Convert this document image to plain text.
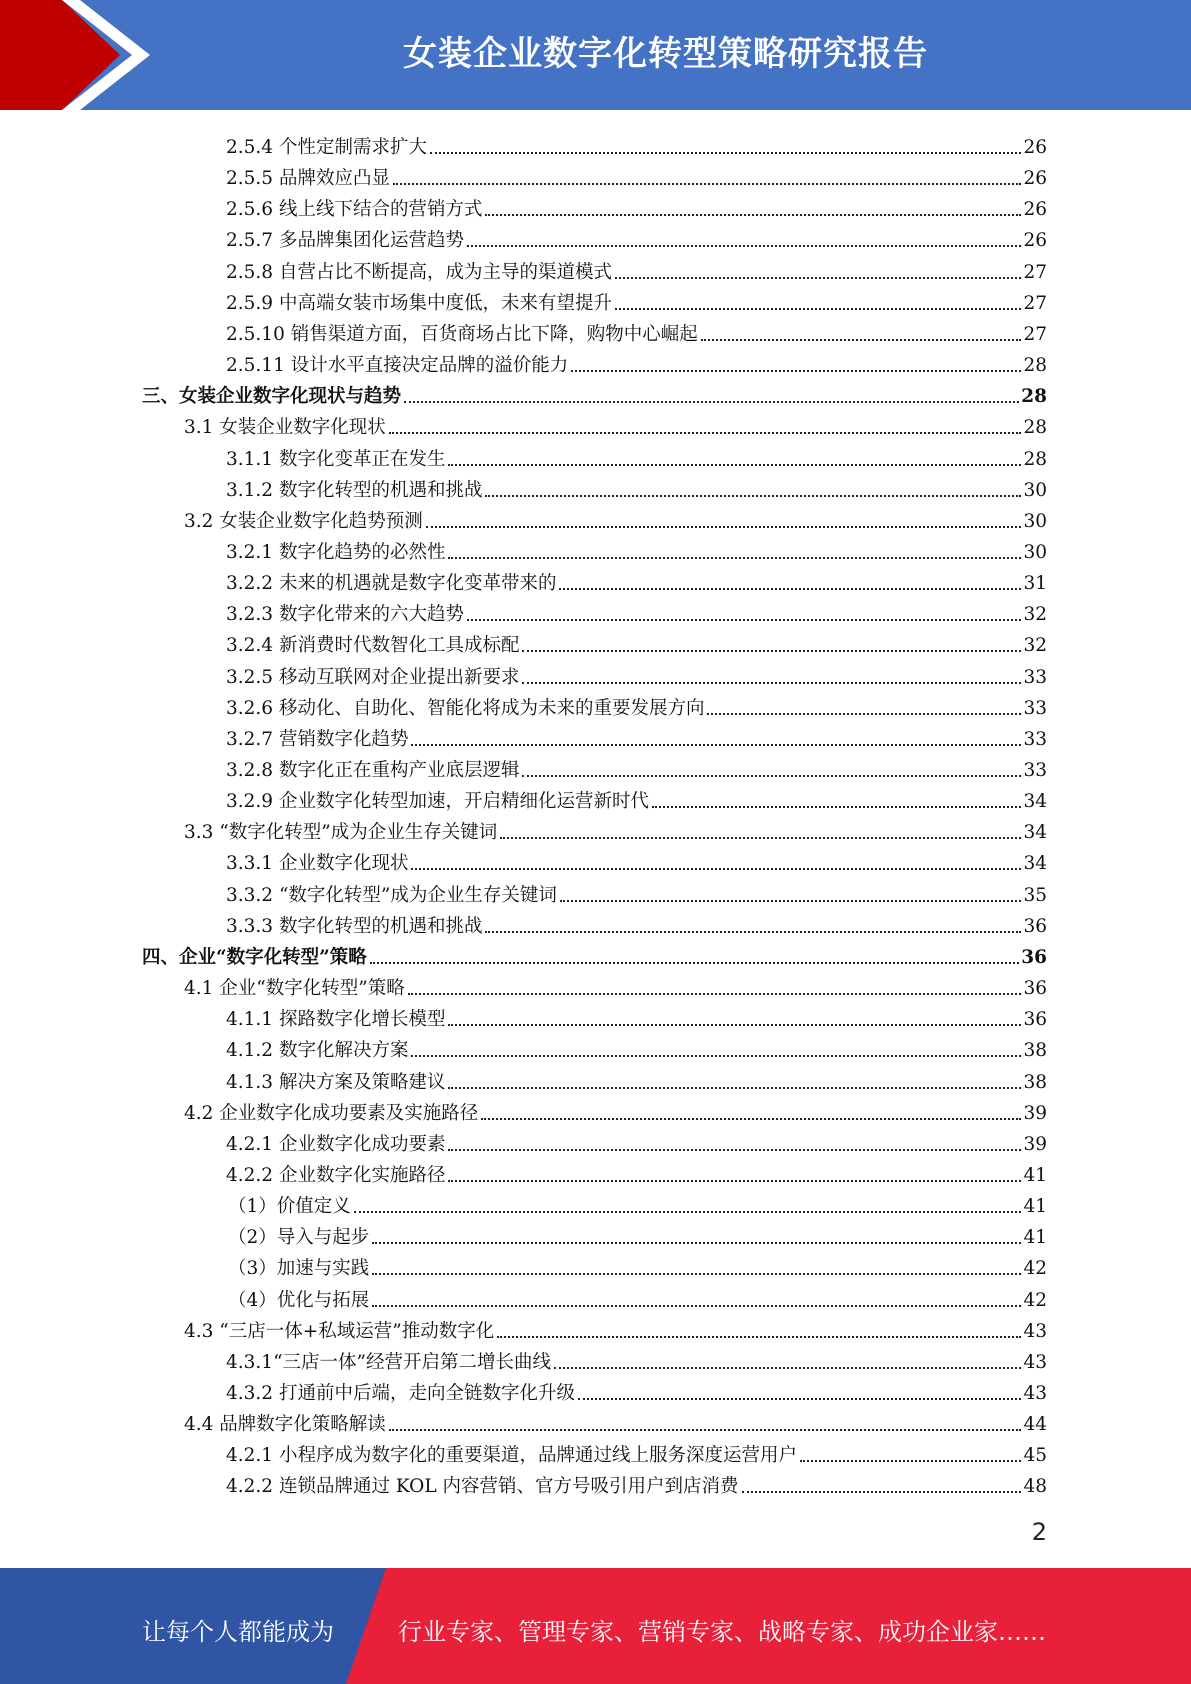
女装企业数字化转型策略研究报告
2.5.4 个性定制需求扩大	26
2.5.5 品牌效应凸显	26
2.5.6 线上线下结合的营销方式	26
2.5.7 多品牌集团化运营趋势	26
2.5.8 自营占比不断提高，成为主导的渠道模式	27
2.5.9 中高端女装市场集中度低，未来有望提升	27
2.5.10 销售渠道方面，百货商场占比下降，购物中心崛起	27
2.5.11 设计水平直接决定品牌的溢价能力	28
三、女装企业数字化现状与趋势	28
3.1 女装企业数字化现状	28
3.1.1 数字化变革正在发生	28
3.1.2 数字化转型的机遇和挑战	30
3.2 女装企业数字化趋势预测	30
3.2.1 数字化趋势的必然性	30
3.2.2 未来的机遇就是数字化变革带来的	31
3.2.3 数字化带来的六大趋势	32
3.2.4 新消费时代数智化工具成标配	32
3.2.5 移动互联网对企业提出新要求	33
3.2.6 移动化、自助化、智能化将成为未来的重要发展方向	33
3.2.7 营销数字化趋势	33
3.2.8 数字化正在重构产业底层逻辑	33
3.2.9 企业数字化转型加速，开启精细化运营新时代	34
3.3 “数字化转型”成为企业生存关键词	34
3.3.1 企业数字化现状	34
3.3.2 “数字化转型”成为企业生存关键词	35
3.3.3 数字化转型的机遇和挑战	36
四、企业“数字化转型”策略	36
4.1 企业“数字化转型”策略	36
4.1.1 探路数字化增长模型	36
4.1.2 数字化解决方案	38
4.1.3 解决方案及策略建议	38
4.2 企业数字化成功要素及实施路径	39
4.2.1 企业数字化成功要素	39
4.2.2 企业数字化实施路径	41
（1）价值定义	41
（2）导入与起步	41
（3）加速与实践	42
（4）优化与拓展	42
4.3 “三店一体+私域运营”推动数字化	43
4.3.1“三店一体”经营开启第二增长曲线	43
4.3.2 打通前中后端，走向全链数字化升级	43
4.4 品牌数字化策略解读	44
4.2.1 小程序成为数字化的重要渠道，品牌通过线上服务深度运营用户	45
4.2.2 连锁品牌通过 KOL 内容营销、官方号吸引用户到店消费	48
2
让每个人都能成为	行业专家、管理专家、营销专家、战略专家、成功企业家……
